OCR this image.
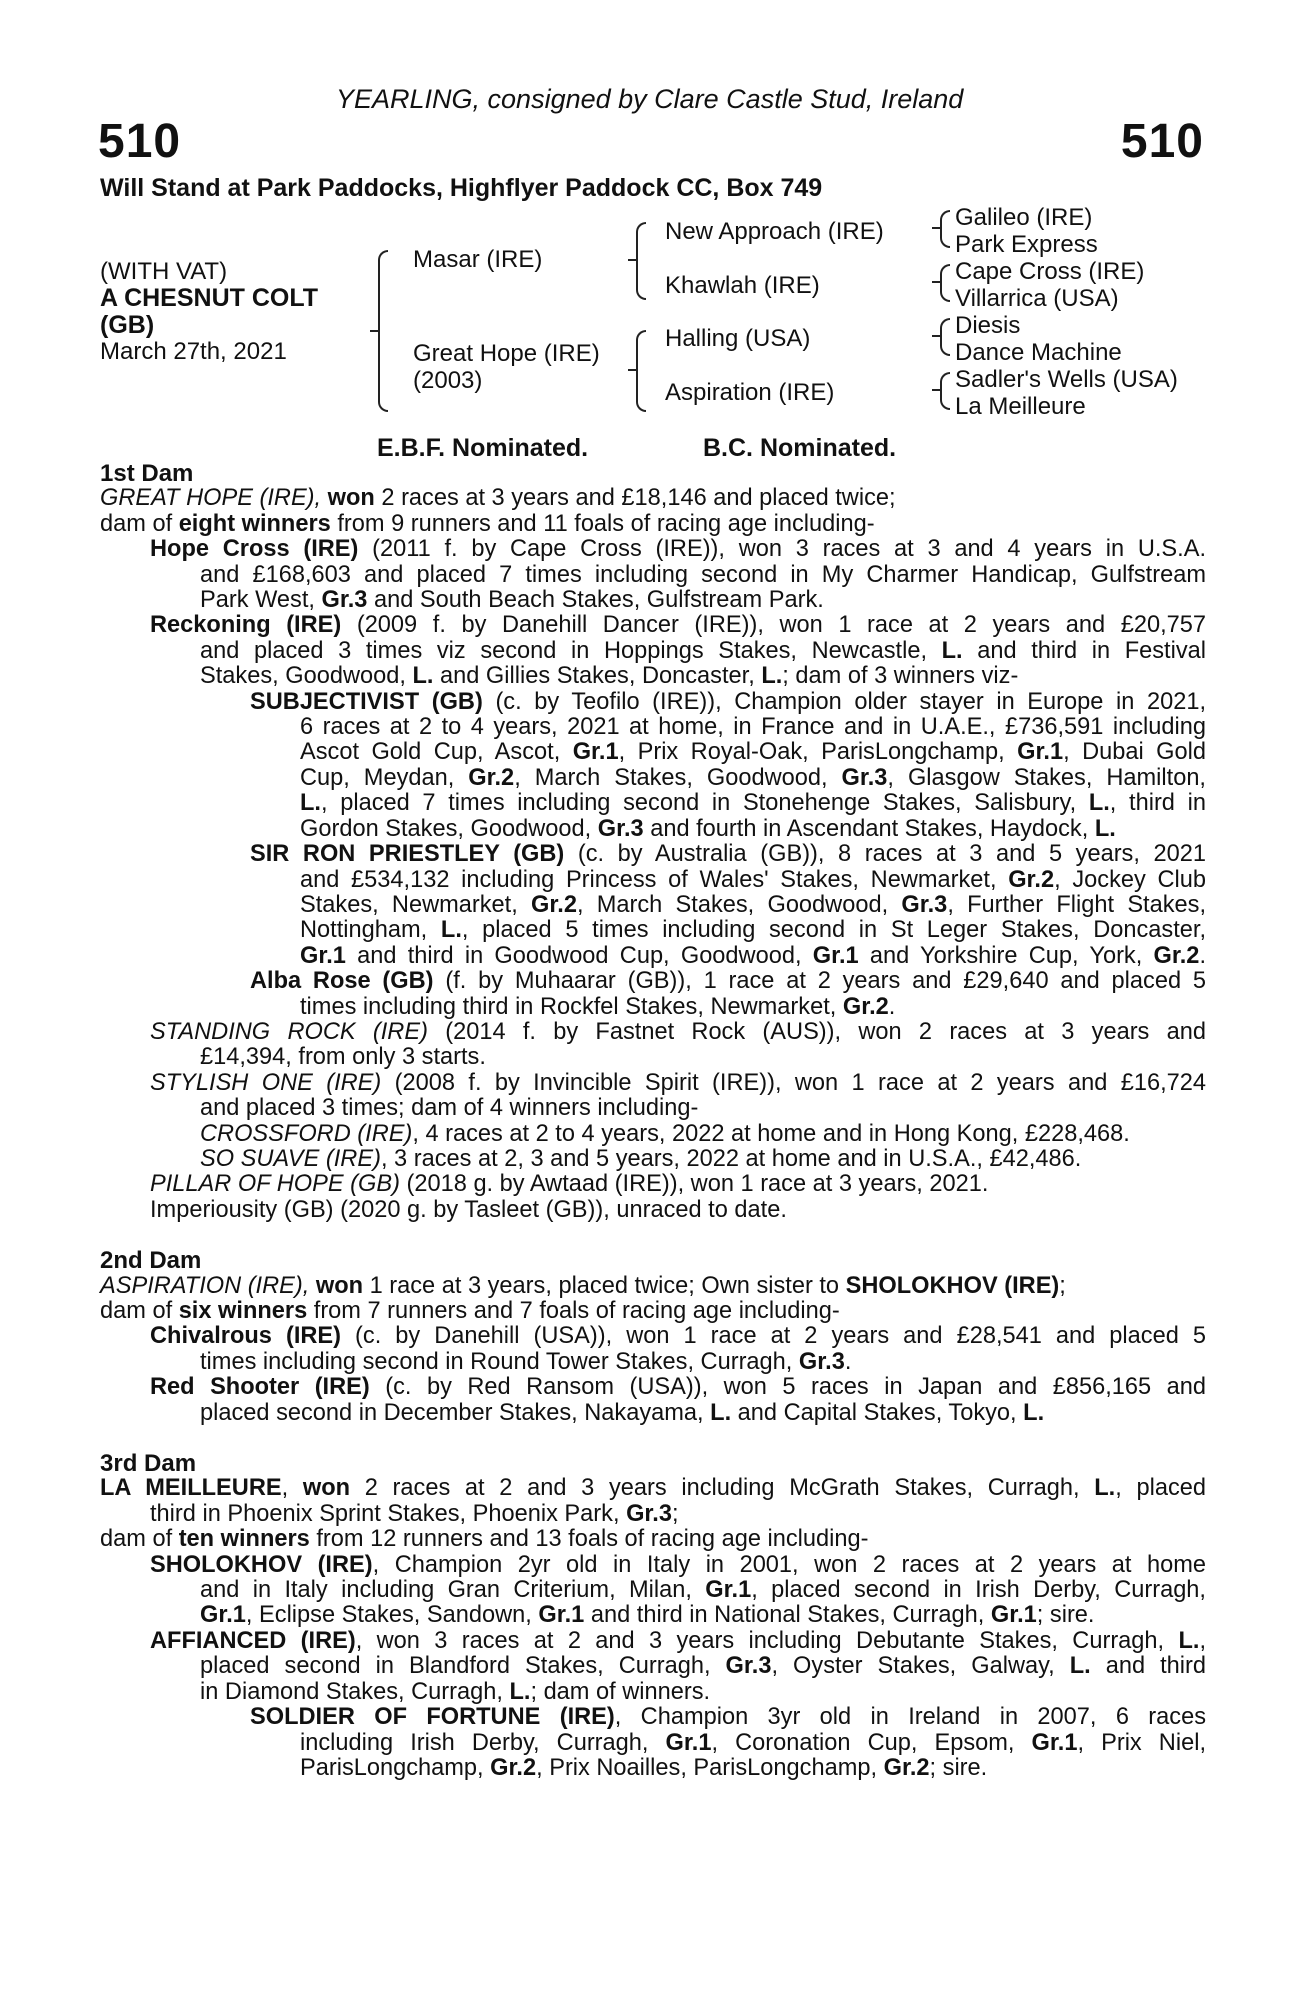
YEARLING, consigned by Clare Castle Stud, Ireland
510	510
Will Stand at Park Paddocks, Highflyer Paddock CC, Box 749
(WITH VAT)
A CHESNUT COLT
(GB)
March 27th, 2021
Masar (IRE)
Great Hope (IRE)
(2003)
New Approach (IRE)
Khawlah (IRE)
Halling (USA)
Aspiration (IRE)
Galileo (IRE)
Park Express
Cape Cross (IRE)
Villarrica (USA)
Diesis
Dance Machine
Sadler's Wells (USA)
La Meilleure
E.B.F. Nominated.	B.C. Nominated.
1st Dam
GREAT HOPE (IRE), won 2 races at 3 years and £18,146 and placed twice;
dam of eight winners from 9 runners and 11 foals of racing age including-
Hope Cross (IRE) (2011 f. by Cape Cross (IRE)), won 3 races at 3 and 4 years in U.S.A.
and £168,603 and placed 7 times including second in My Charmer Handicap, Gulfstream
Park West, Gr.3 and South Beach Stakes, Gulfstream Park.
Reckoning (IRE) (2009 f. by Danehill Dancer (IRE)), won 1 race at 2 years and £20,757
and placed 3 times viz second in Hoppings Stakes, Newcastle, L. and third in Festival
Stakes, Goodwood, L. and Gillies Stakes, Doncaster, L.; dam of 3 winners viz-
SUBJECTIVIST (GB) (c. by Teofilo (IRE)), Champion older stayer in Europe in 2021,
6 races at 2 to 4 years, 2021 at home, in France and in U.A.E., £736,591 including
Ascot Gold Cup, Ascot, Gr.1, Prix Royal-Oak, ParisLongchamp, Gr.1, Dubai Gold
Cup, Meydan, Gr.2, March Stakes, Goodwood, Gr.3, Glasgow Stakes, Hamilton,
L., placed 7 times including second in Stonehenge Stakes, Salisbury, L., third in
Gordon Stakes, Goodwood, Gr.3 and fourth in Ascendant Stakes, Haydock, L.
SIR RON PRIESTLEY (GB) (c. by Australia (GB)), 8 races at 3 and 5 years, 2021
and £534,132 including Princess of Wales' Stakes, Newmarket, Gr.2, Jockey Club
Stakes, Newmarket, Gr.2, March Stakes, Goodwood, Gr.3, Further Flight Stakes,
Nottingham, L., placed 5 times including second in St Leger Stakes, Doncaster,
Gr.1 and third in Goodwood Cup, Goodwood, Gr.1 and Yorkshire Cup, York, Gr.2.
Alba Rose (GB) (f. by Muhaarar (GB)), 1 race at 2 years and £29,640 and placed 5
times including third in Rockfel Stakes, Newmarket, Gr.2.
STANDING ROCK (IRE) (2014 f. by Fastnet Rock (AUS)), won 2 races at 3 years and
£14,394, from only 3 starts.
STYLISH ONE (IRE) (2008 f. by Invincible Spirit (IRE)), won 1 race at 2 years and £16,724
and placed 3 times; dam of 4 winners including-
CROSSFORD (IRE), 4 races at 2 to 4 years, 2022 at home and in Hong Kong, £228,468.
SO SUAVE (IRE), 3 races at 2, 3 and 5 years, 2022 at home and in U.S.A., £42,486.
PILLAR OF HOPE (GB) (2018 g. by Awtaad (IRE)), won 1 race at 3 years, 2021.
Imperiousity (GB) (2020 g. by Tasleet (GB)), unraced to date.
2nd Dam
ASPIRATION (IRE), won 1 race at 3 years, placed twice; Own sister to SHOLOKHOV (IRE);
dam of six winners from 7 runners and 7 foals of racing age including-
Chivalrous (IRE) (c. by Danehill (USA)), won 1 race at 2 years and £28,541 and placed 5
times including second in Round Tower Stakes, Curragh, Gr.3.
Red Shooter (IRE) (c. by Red Ransom (USA)), won 5 races in Japan and £856,165 and
placed second in December Stakes, Nakayama, L. and Capital Stakes, Tokyo, L.
3rd Dam
LA MEILLEURE, won 2 races at 2 and 3 years including McGrath Stakes, Curragh, L., placed
third in Phoenix Sprint Stakes, Phoenix Park, Gr.3;
dam of ten winners from 12 runners and 13 foals of racing age including-
SHOLOKHOV (IRE), Champion 2yr old in Italy in 2001, won 2 races at 2 years at home
and in Italy including Gran Criterium, Milan, Gr.1, placed second in Irish Derby, Curragh,
Gr.1, Eclipse Stakes, Sandown, Gr.1 and third in National Stakes, Curragh, Gr.1; sire.
AFFIANCED (IRE), won 3 races at 2 and 3 years including Debutante Stakes, Curragh, L.,
placed second in Blandford Stakes, Curragh, Gr.3, Oyster Stakes, Galway, L. and third
in Diamond Stakes, Curragh, L.; dam of winners.
SOLDIER OF FORTUNE (IRE), Champion 3yr old in Ireland in 2007, 6 races
including Irish Derby, Curragh, Gr.1, Coronation Cup, Epsom, Gr.1, Prix Niel,
ParisLongchamp, Gr.2, Prix Noailles, ParisLongchamp, Gr.2; sire.
